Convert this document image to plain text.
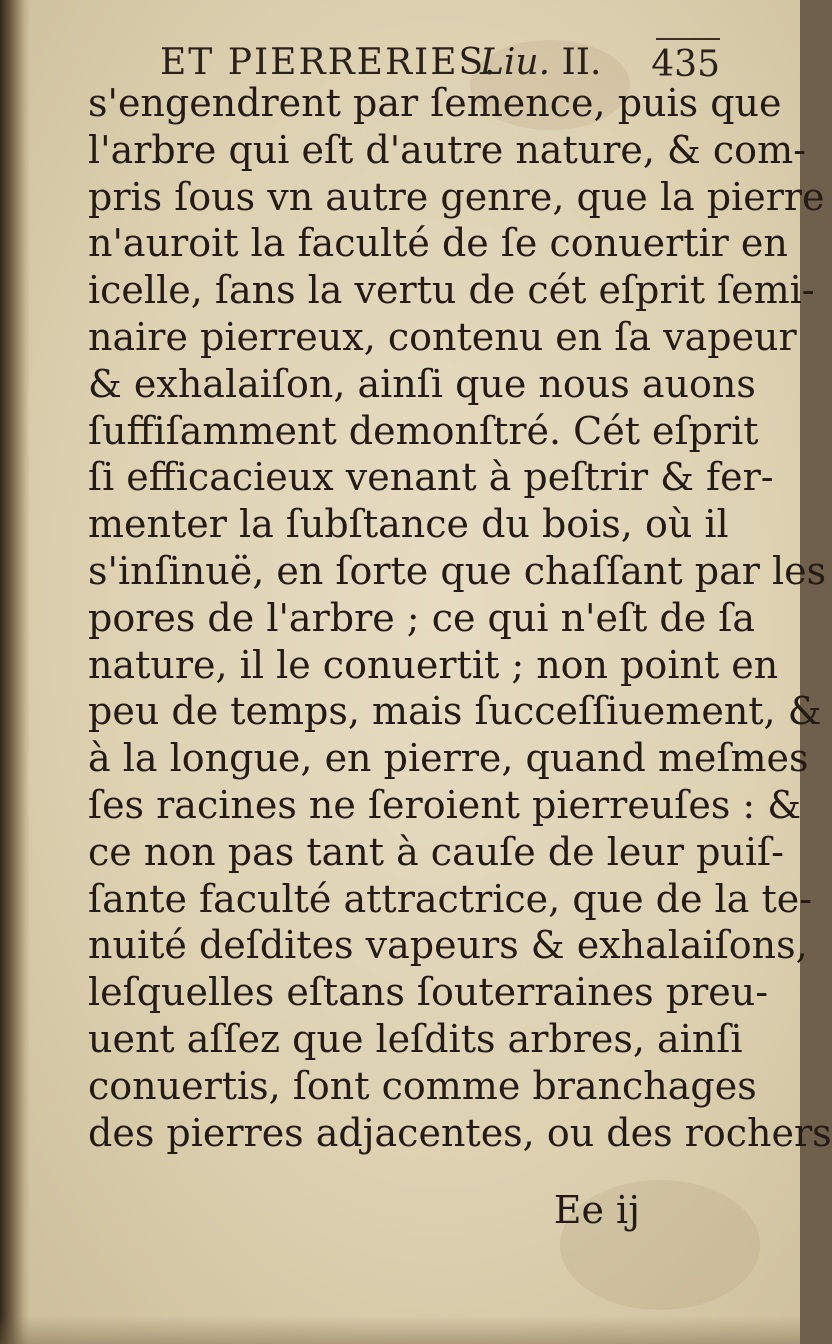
ET PIERRERIES.
Liu. II. 435
s'engendrent par ſemence, puis que
l'arbre qui eſt d'autre nature, & com-
pris ſous vn autre genre, que la pierre
n'auroit la faculté de ſe conuertir en
icelle, ſans la vertu de cét eſprit ſemi-
naire pierreux, contenu en ſa vapeur
& exhalaiſon, ainſi que nous auons
ſuffiſamment demonſtré. Cét eſprit
ſi efficacieux venant à peſtrir & fer-
menter la ſubſtance du bois, où il
s'inſinuë, en ſorte que chaſſant par les
pores de l'arbre ; ce qui n'eſt de ſa
nature, il le conuertit ; non point en
peu de temps, mais ſucceſſiuement, &
à la longue, en pierre, quand meſmes
ſes racines ne ſeroient pierreuſes : &
ce non pas tant à cauſe de leur puiſ-
ſante faculté attractrice, que de la te-
nuité deſdites vapeurs & exhalaiſons,
leſquelles eſtans ſouterraines preu-
uent aſſez que leſdits arbres, ainſi
conuertis, ſont comme branchages
des pierres adjacentes, ou des rochers
Ee ij
